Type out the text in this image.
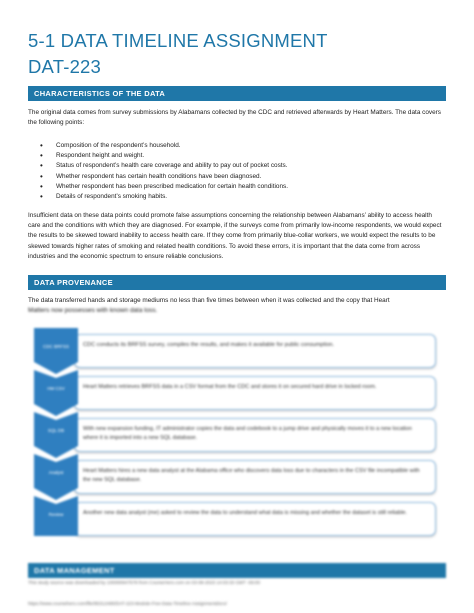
5-1 DATA TIMELINE ASSIGNMENT
DAT-223
CHARACTERISTICS OF THE DATA

The original data comes from survey submissions by Alabamans collected by the CDC and retrieved afterwards by Heart Matters. The data covers the following points:

• Composition of the respondent’s household.
• Respondent height and weight.
• Status of respondent’s health care coverage and ability to pay out of pocket costs.
• Whether respondent has certain health conditions have been diagnosed.
• Whether respondent has been prescribed medication for certain health conditions.
• Details of respondent’s smoking habits.

Insufficient data on these data points could promote false assumptions concerning the relationship between Alabamans’ ability to access health care and the conditions with which they are diagnosed. For example, if the surveys come from primarily low-income respondents, we would expect the results to be skewed toward inability to access health care. If they come from primarily blue-collar workers, we would expect the results to be skewed towards higher rates of smoking and related health conditions. To avoid these errors, it is important that the data come from across industries and the economic spectrum to ensure reliable conclusions.

DATA PROVENANCE

The data transferred hands and storage mediums no less than five times between when it was collected and the copy that Heart

Matters now possesses with known data loss.

CDC conducts its BRFSS survey, compiles the results, and makes it available for public consumption.
CDC BRFSS
Heart Matters retrieves BRFSS data in a CSV format from the CDC and stores it on secured hard drive in locked room.
HM CSV
With new expansion funding, IT administrator copies the data and codebook to a jump drive and physically moves it to a new location where it is imported into a new SQL database.
SQL DB
Heart Matters hires a new data analyst at the Alabama office who discovers data loss due to characters in the CSV file incompatible with the new SQL database.
Analyst
Another new data analyst (me) asked to review the data to understand what data is missing and whether the dataset is still reliable.
Review
DATA MANAGEMENT
This study source was downloaded by 100000847578 from CourseHero.com on 03-08-2023 14:03:33 GMT -06:00
https://www.coursehero.com/file/85312485/DAT-223-Module-Five-Data-Timeline-Assignmentdocx/
